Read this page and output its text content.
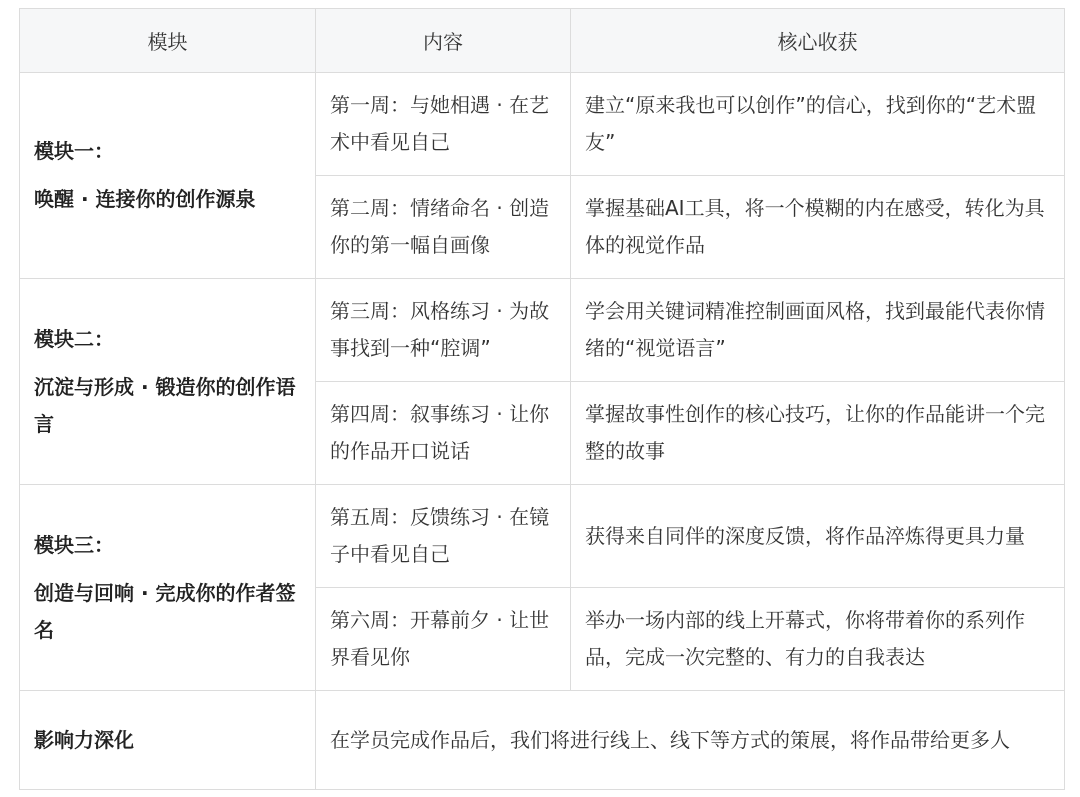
模块	内容	核心收获

模块一：
唤醒 · 连接你的创作源泉	第一周：与她相遇 · 在艺术中看见自己	建立“原来我也可以创作”的信心，找到你的“艺术盟友”
	第二周：情绪命名 · 创造你的第一幅自画像	掌握基础AI工具，将一个模糊的内在感受，转化为具体的视觉作品

模块二：
沉淀与形成 · 锻造你的创作语言	第三周：风格练习 · 为故事找到一种“腔调”	学会用关键词精准控制画面风格，找到最能代表你情绪的“视觉语言”
	第四周：叙事练习 · 让你的作品开口说话	掌握故事性创作的核心技巧，让你的作品能讲一个完整的故事

模块三：
创造与回响 · 完成你的作者签名	第五周：反馈练习 · 在镜子中看见自己	获得来自同伴的深度反馈，将作品淬炼得更具力量
	第六周：开幕前夕 · 让世界看见你	举办一场内部的线上开幕式，你将带着你的系列作品，完成一次完整的、有力的自我表达
影响力深化	在学员完成作品后，我们将进行线上、线下等方式的策展，将作品带给更多人	
